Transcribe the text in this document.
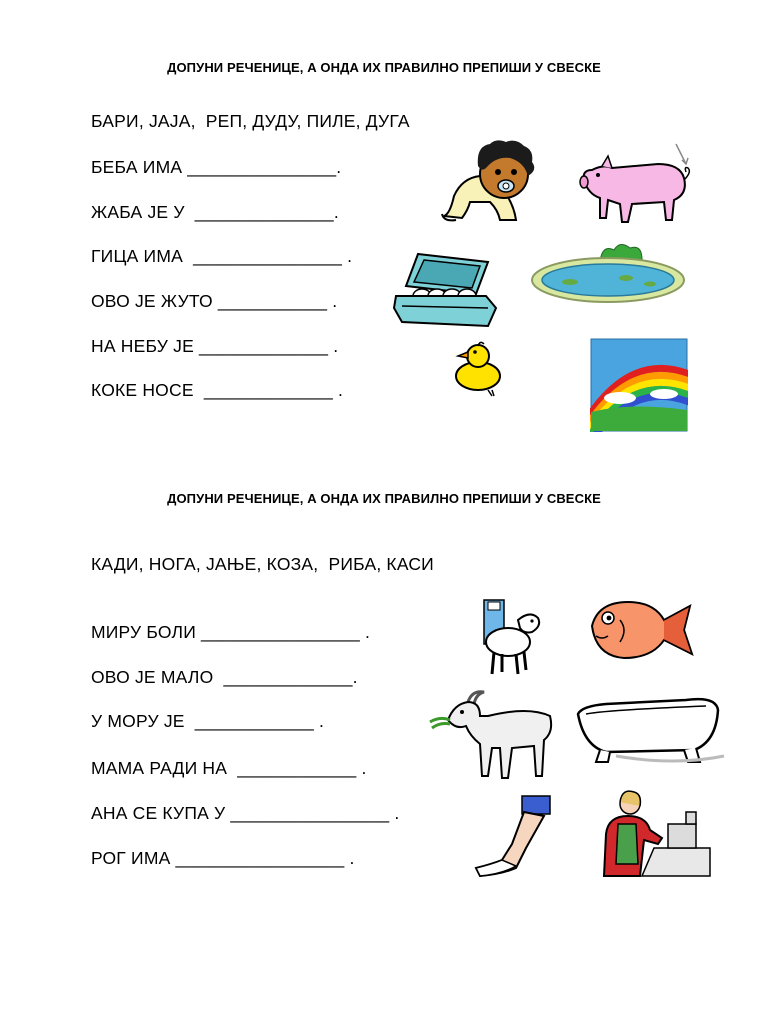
ДОПУНИ РЕЧЕНИЦЕ, А ОНДА ИХ ПРАВИЛНО ПРЕПИШИ У СВЕСКЕ
БАРИ, ЈАЈА,  РЕП, ДУДУ, ПИЛЕ, ДУГА
БЕБА ИМА _______________.
ЖАБА ЈЕ У  ______________.
ГИЦА ИМА  _______________ .
ОВО ЈЕ ЖУТО ___________ .
НА НЕБУ ЈЕ _____________ .
КОКЕ НОСЕ  _____________ .
ДОПУНИ РЕЧЕНИЦЕ, А ОНДА ИХ ПРАВИЛНО ПРЕПИШИ У СВЕСКЕ
КАДИ, НОГА, ЈАЊЕ, КОЗА,  РИБА, КАСИ
МИРУ БОЛИ ________________ .
ОВО ЈЕ МАЛО  _____________.
У МОРУ ЈЕ  ____________ .
МАМА РАДИ НА  ____________ .
АНА СЕ КУПА У ________________ .
РОГ ИМА _________________ .
